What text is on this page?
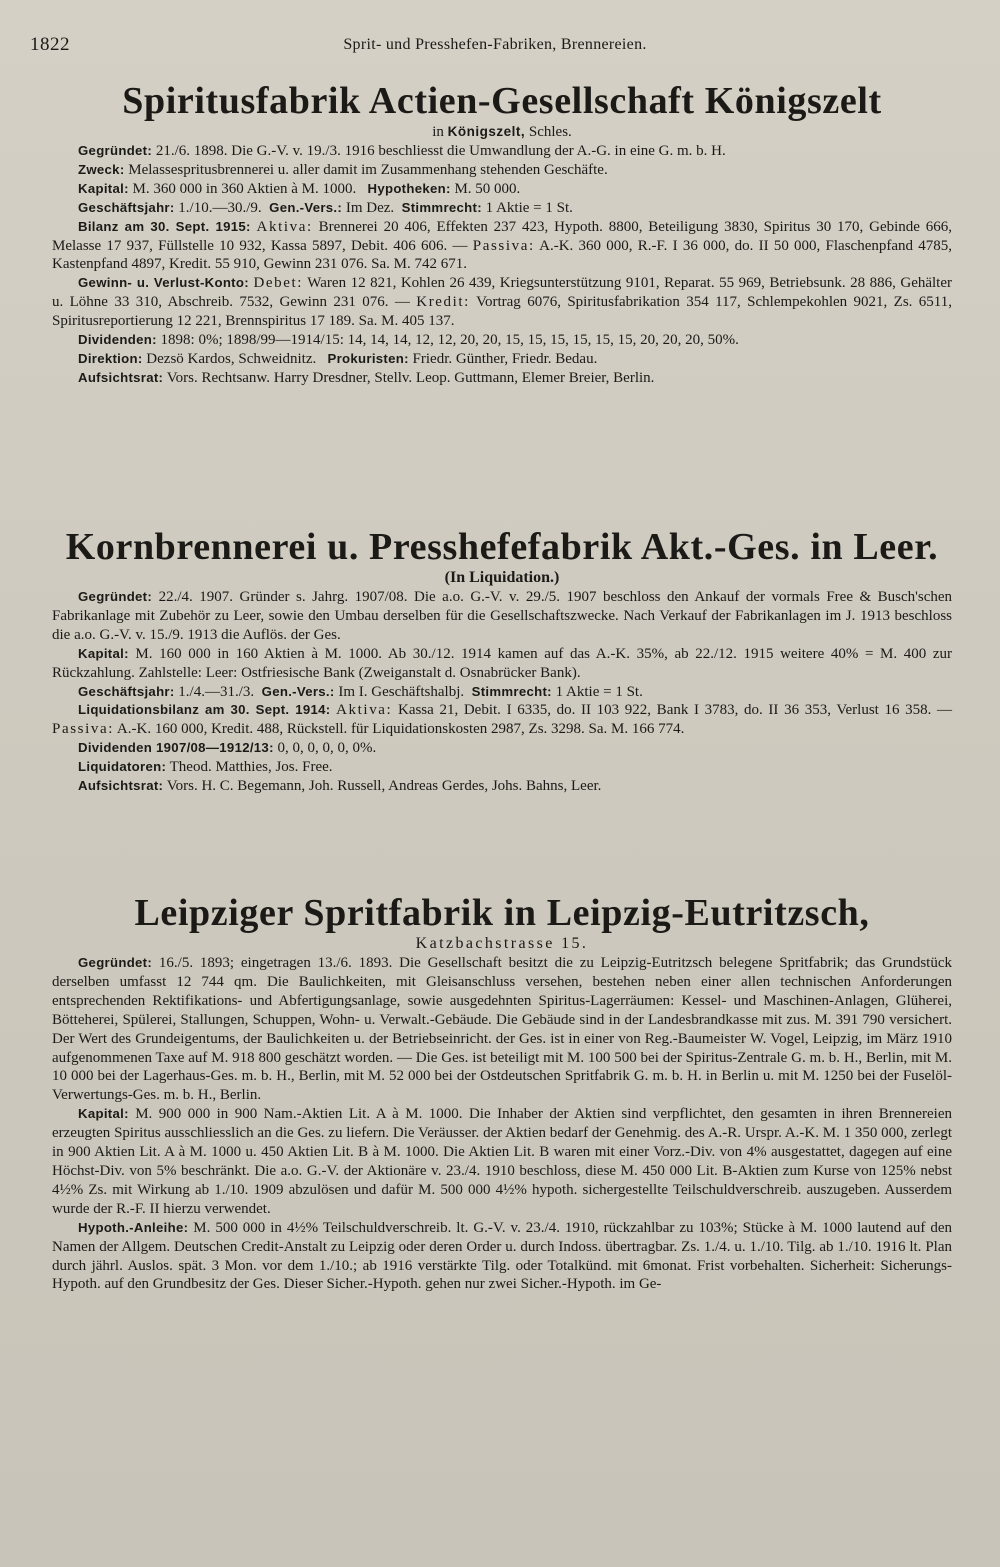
1822	Sprit- und Presshefen-Fabriken, Brennereien.
Spiritusfabrik Actien-Gesellschaft Königszelt

in Königszelt, Schles.

Gegründet: 21./6. 1898. Die G.-V. v. 19./3. 1916 beschliesst die Umwandlung der A.-G. in eine G. m. b. H.

Zweck: Melassespritusbrennerei u. aller damit im Zusammenhang stehenden Geschäfte.

Kapital: M. 360 000 in 360 Aktien à M. 1000. Hypotheken: M. 50 000.

Geschäftsjahr: 1./10.—30./9. Gen.-Vers.: Im Dez. Stimmrecht: 1 Aktie = 1 St.

Bilanz am 30. Sept. 1915: Aktiva: Brennerei 20 406, Effekten 237 423, Hypoth. 8800, Beteiligung 3830, Spiritus 30 170, Gebinde 666, Melasse 17 937, Füllstelle 10 932, Kassa 5897, Debit. 406 606. — Passiva: A.-K. 360 000, R.-F. I 36 000, do. II 50 000, Flaschenpfand 4785, Kastenpfand 4897, Kredit. 55 910, Gewinn 231 076. Sa. M. 742 671.

Gewinn- u. Verlust-Konto: Debet: Waren 12 821, Kohlen 26 439, Kriegsunterstützung 9101, Reparat. 55 969, Betriebsunk. 28 886, Gehälter u. Löhne 33 310, Abschreib. 7532, Gewinn 231 076. — Kredit: Vortrag 6076, Spiritusfabrikation 354 117, Schlempekohlen 9021, Zs. 6511, Spiritusreportierung 12 221, Brennspiritus 17 189. Sa. M. 405 137.

Dividenden: 1898: 0%; 1898/99—1914/15: 14, 14, 14, 12, 12, 20, 20, 15, 15, 15, 15, 15, 15, 20, 20, 20, 50%.

Direktion: Dezsö Kardos, Schweidnitz. Prokuristen: Friedr. Günther, Friedr. Bedau.

Aufsichtsrat: Vors. Rechtsanw. Harry Dresdner, Stellv. Leop. Guttmann, Elemer Breier, Berlin.

Kornbrennerei u. Presshefefabrik Akt.-Ges. in Leer.

(In Liquidation.)

Gegründet: 22./4. 1907. Gründer s. Jahrg. 1907/08. Die a.o. G.-V. v. 29./5. 1907 beschloss den Ankauf der vormals Free & Busch'schen Fabrikanlage mit Zubehör zu Leer, sowie den Umbau derselben für die Gesellschaftszwecke. Nach Verkauf der Fabrikanlagen im J. 1913 beschloss die a.o. G.-V. v. 15./9. 1913 die Auflös. der Ges.

Kapital: M. 160 000 in 160 Aktien à M. 1000. Ab 30./12. 1914 kamen auf das A.-K. 35%, ab 22./12. 1915 weitere 40% = M. 400 zur Rückzahlung. Zahlstelle: Leer: Ostfriesische Bank (Zweiganstalt d. Osnabrücker Bank).

Geschäftsjahr: 1./4.—31./3. Gen.-Vers.: Im I. Geschäftshalbj. Stimmrecht: 1 Aktie = 1 St.

Liquidationsbilanz am 30. Sept. 1914: Aktiva: Kassa 21, Debit. I 6335, do. II 103 922, Bank I 3783, do. II 36 353, Verlust 16 358. — Passiva: A.-K. 160 000, Kredit. 488, Rückstell. für Liquidationskosten 2987, Zs. 3298. Sa. M. 166 774.

Dividenden 1907/08—1912/13: 0, 0, 0, 0, 0, 0%.

Liquidatoren: Theod. Matthies, Jos. Free.

Aufsichtsrat: Vors. H. C. Begemann, Joh. Russell, Andreas Gerdes, Johs. Bahns, Leer.

Leipziger Spritfabrik in Leipzig-Eutritzsch,

Katzbachstrasse 15.

Gegründet: 16./5. 1893; eingetragen 13./6. 1893. Die Gesellschaft besitzt die zu Leipzig-Eutritzsch belegene Spritfabrik; das Grundstück derselben umfasst 12 744 qm. Die Baulichkeiten, mit Gleisanschluss versehen, bestehen neben einer allen technischen Anforderungen entsprechenden Rektifikations- und Abfertigungsanlage, sowie ausgedehnten Spiritus-Lagerräumen: Kessel- und Maschinen-Anlagen, Glüherei, Bötteherei, Spülerei, Stallungen, Schuppen, Wohn- u. Verwalt.-Gebäude. Die Gebäude sind in der Landesbrandkasse mit zus. M. 391 790 versichert. Der Wert des Grundeigentums, der Baulichkeiten u. der Betriebseinricht. der Ges. ist in einer von Reg.-Baumeister W. Vogel, Leipzig, im März 1910 aufgenommenen Taxe auf M. 918 800 geschätzt worden. — Die Ges. ist beteiligt mit M. 100 500 bei der Spiritus-Zentrale G. m. b. H., Berlin, mit M. 10 000 bei der Lagerhaus-Ges. m. b. H., Berlin, mit M. 52 000 bei der Ostdeutschen Spritfabrik G. m. b. H. in Berlin u. mit M. 1250 bei der Fuselöl-Verwertungs-Ges. m. b. H., Berlin.

Kapital: M. 900 000 in 900 Nam.-Aktien Lit. A à M. 1000. Die Inhaber der Aktien sind verpflichtet, den gesamten in ihren Brennereien erzeugten Spiritus ausschliesslich an die Ges. zu liefern. Die Veräusser. der Aktien bedarf der Genehmig. des A.-R. Urspr. A.-K. M. 1 350 000, zerlegt in 900 Aktien Lit. A à M. 1000 u. 450 Aktien Lit. B à M. 1000. Die Aktien Lit. B waren mit einer Vorz.-Div. von 4% ausgestattet, dagegen auf eine Höchst-Div. von 5% beschränkt. Die a.o. G.-V. der Aktionäre v. 23./4. 1910 beschloss, diese M. 450 000 Lit. B-Aktien zum Kurse von 125% nebst 4½% Zs. mit Wirkung ab 1./10. 1909 abzulösen und dafür M. 500 000 4½% hypoth. sichergestellte Teilschuldverschreib. auszugeben. Ausserdem wurde der R.-F. II hierzu verwendet.

Hypoth.-Anleihe: M. 500 000 in 4½% Teilschuldverschreib. lt. G.-V. v. 23./4. 1910, rückzahlbar zu 103%; Stücke à M. 1000 lautend auf den Namen der Allgem. Deutschen Credit-Anstalt zu Leipzig oder deren Order u. durch Indoss. übertragbar. Zs. 1./4. u. 1./10. Tilg. ab 1./10. 1916 lt. Plan durch jährl. Auslos. spät. 3 Mon. vor dem 1./10.; ab 1916 verstärkte Tilg. oder Totalkünd. mit 6monat. Frist vorbehalten. Sicherheit: Sicherungs-Hypoth. auf den Grundbesitz der Ges. Dieser Sicher.-Hypoth. gehen nur zwei Sicher.-Hypoth. im Ge-
